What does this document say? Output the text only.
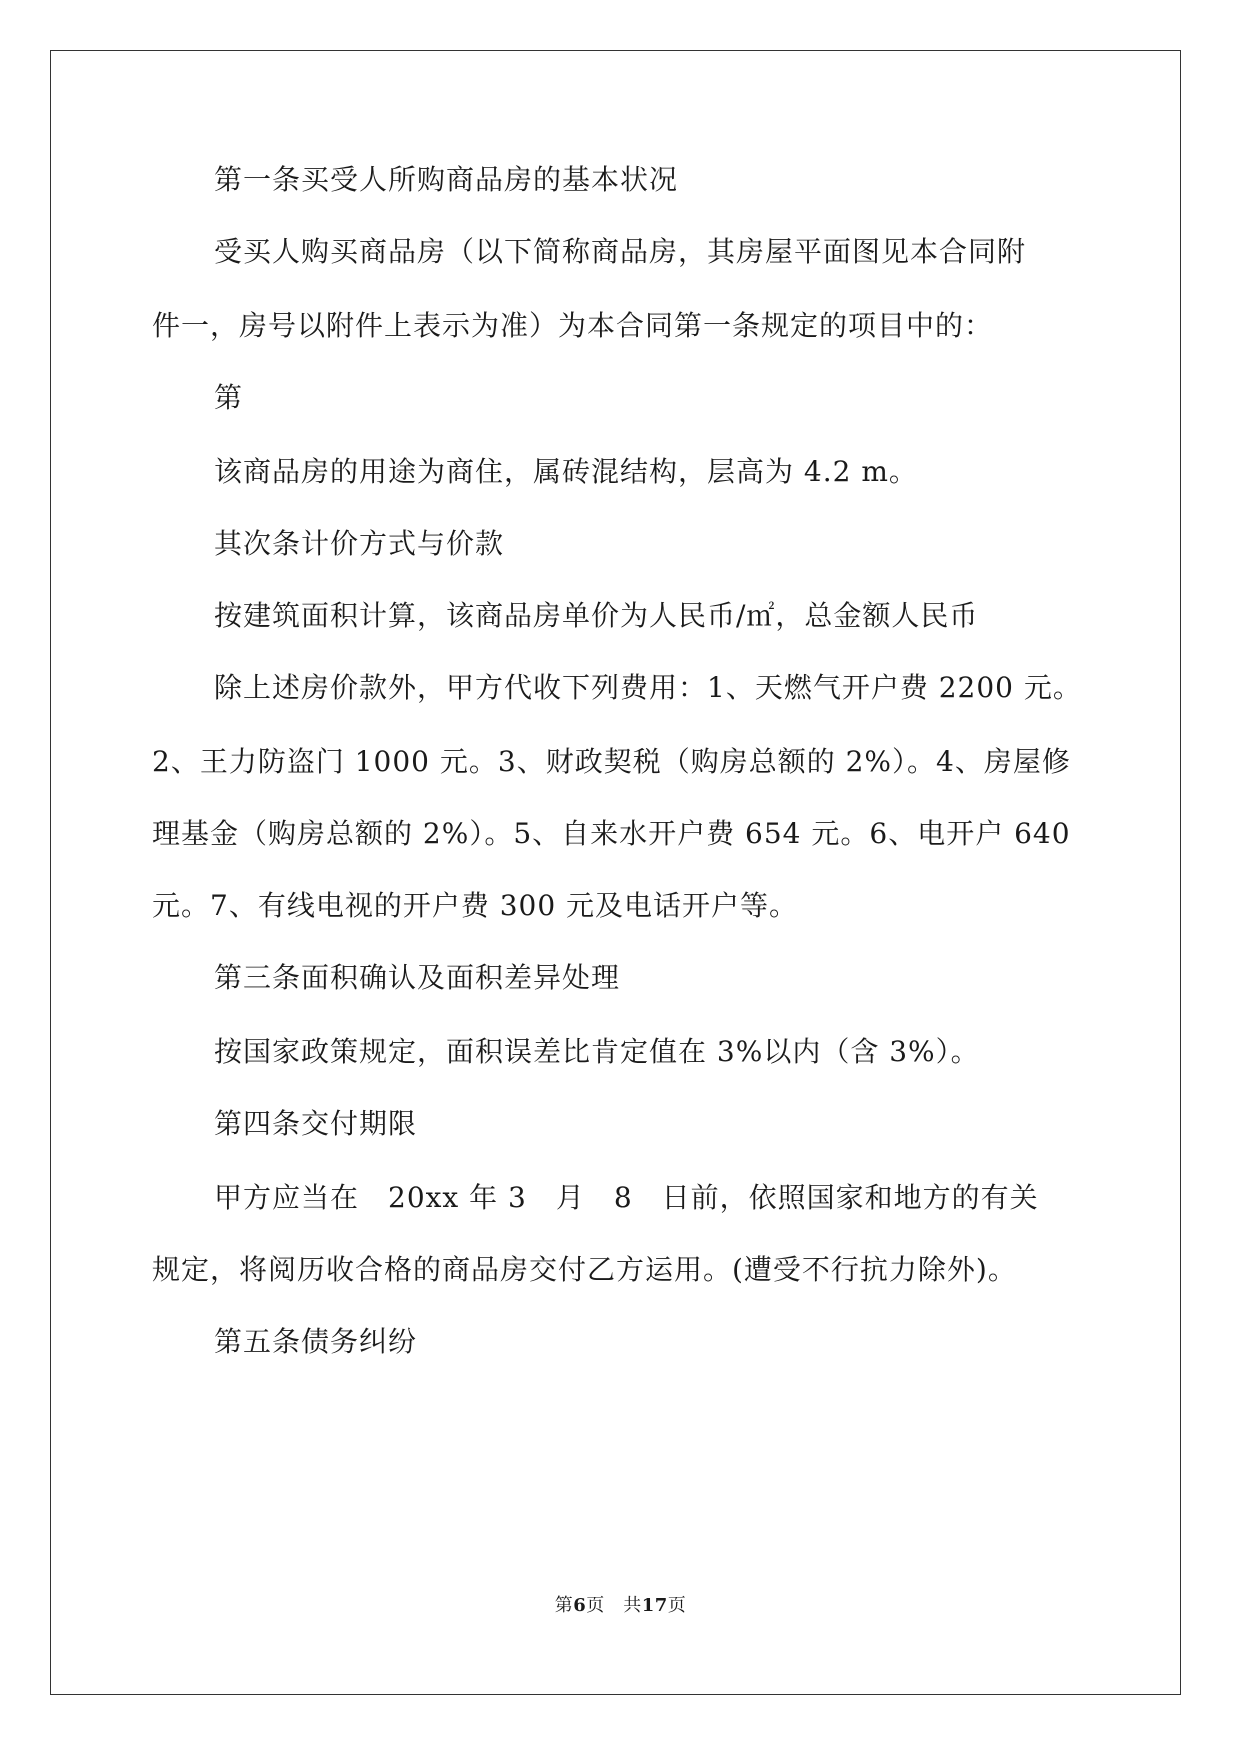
第一条买受人所购商品房的基本状况
受买人购买商品房（以下简称商品房，其房屋平面图见本合同附
件一，房号以附件上表示为准）为本合同第一条规定的项目中的：
第
该商品房的用途为商住，属砖混结构，层高为 4.2 m。
其次条计价方式与价款
按建筑面积计算，该商品房单价为人民币/㎡，总金额人民币
除上述房价款外，甲方代收下列费用：1、天燃气开户费 2200 元。
2、王力防盗门 1000 元。3、财政契税（购房总额的 2%）。4、房屋修
理基金（购房总额的 2%）。5、自来水开户费 654 元。6、电开户 640
元。7、有线电视的开户费 300 元及电话开户等。
第三条面积确认及面积差异处理
按国家政策规定，面积误差比肯定值在 3%以内（含 3%）。
第四条交付期限
甲方应当在　20xx 年 3　月　8　日前，依照国家和地方的有关
规定，将阅历收合格的商品房交付乙方运用。(遭受不行抗力除外)。
第五条债务纠纷
第6页　共17页
